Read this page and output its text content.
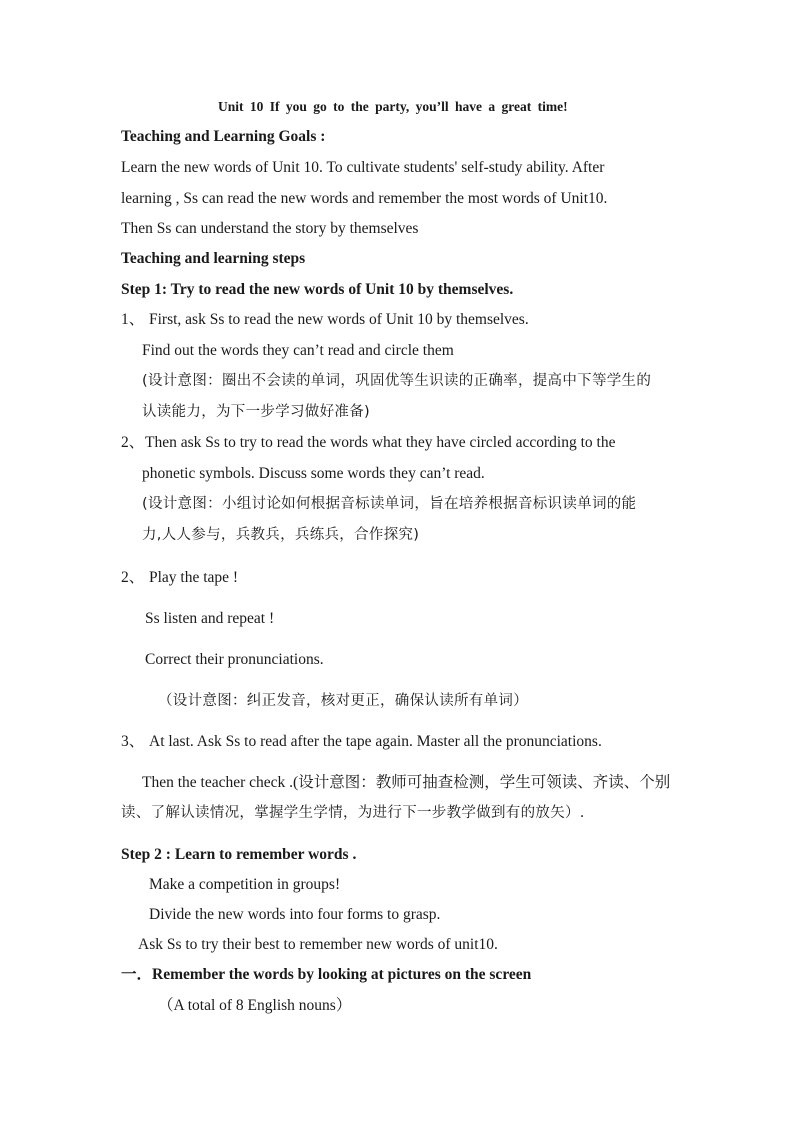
Unit 10 If you go to the party, you’ll have a great time!
Teaching and Learning Goals :
Learn the new words of Unit 10. To cultivate students' self-study ability. After
learning , Ss can read the new words and remember the most words of Unit10.
Then Ss can understand the story by themselves
Teaching and learning steps
Step 1: Try to read the new words of Unit 10 by themselves.
1、 First, ask Ss to read the new words of Unit 10 by themselves.
Find out the words they can’t read and circle them
(设计意图：圈出不会读的单词，巩固优等生识读的正确率，提高中下等学生的
认读能力，为下一步学习做好准备)
2、 Then ask Ss to try to read the words what they have circled according to the
phonetic symbols. Discuss some words they can’t read.
(设计意图：小组讨论如何根据音标读单词，旨在培养根据音标识读单词的能
力,人人参与，兵教兵，兵练兵，合作探究)
2、 Play the tape !
Ss listen and repeat !
Correct their pronunciations.
（设计意图：纠正发音，核对更正，确保认读所有单词）
3、 At last. Ask Ss to read after the tape again. Master all the pronunciations.
Then the teacher check .(设计意图：教师可抽查检测，学生可领读、齐读、个别
读、了解认读情况，掌握学生学情，为进行下一步教学做到有的放矢）.
Step 2 : Learn to remember words .
Make a competition in groups!
Divide the new words into four forms to grasp.
Ask Ss to try their best to remember new words of unit10.
一．Remember the words by looking at pictures on the screen
（A total of 8 English nouns）
